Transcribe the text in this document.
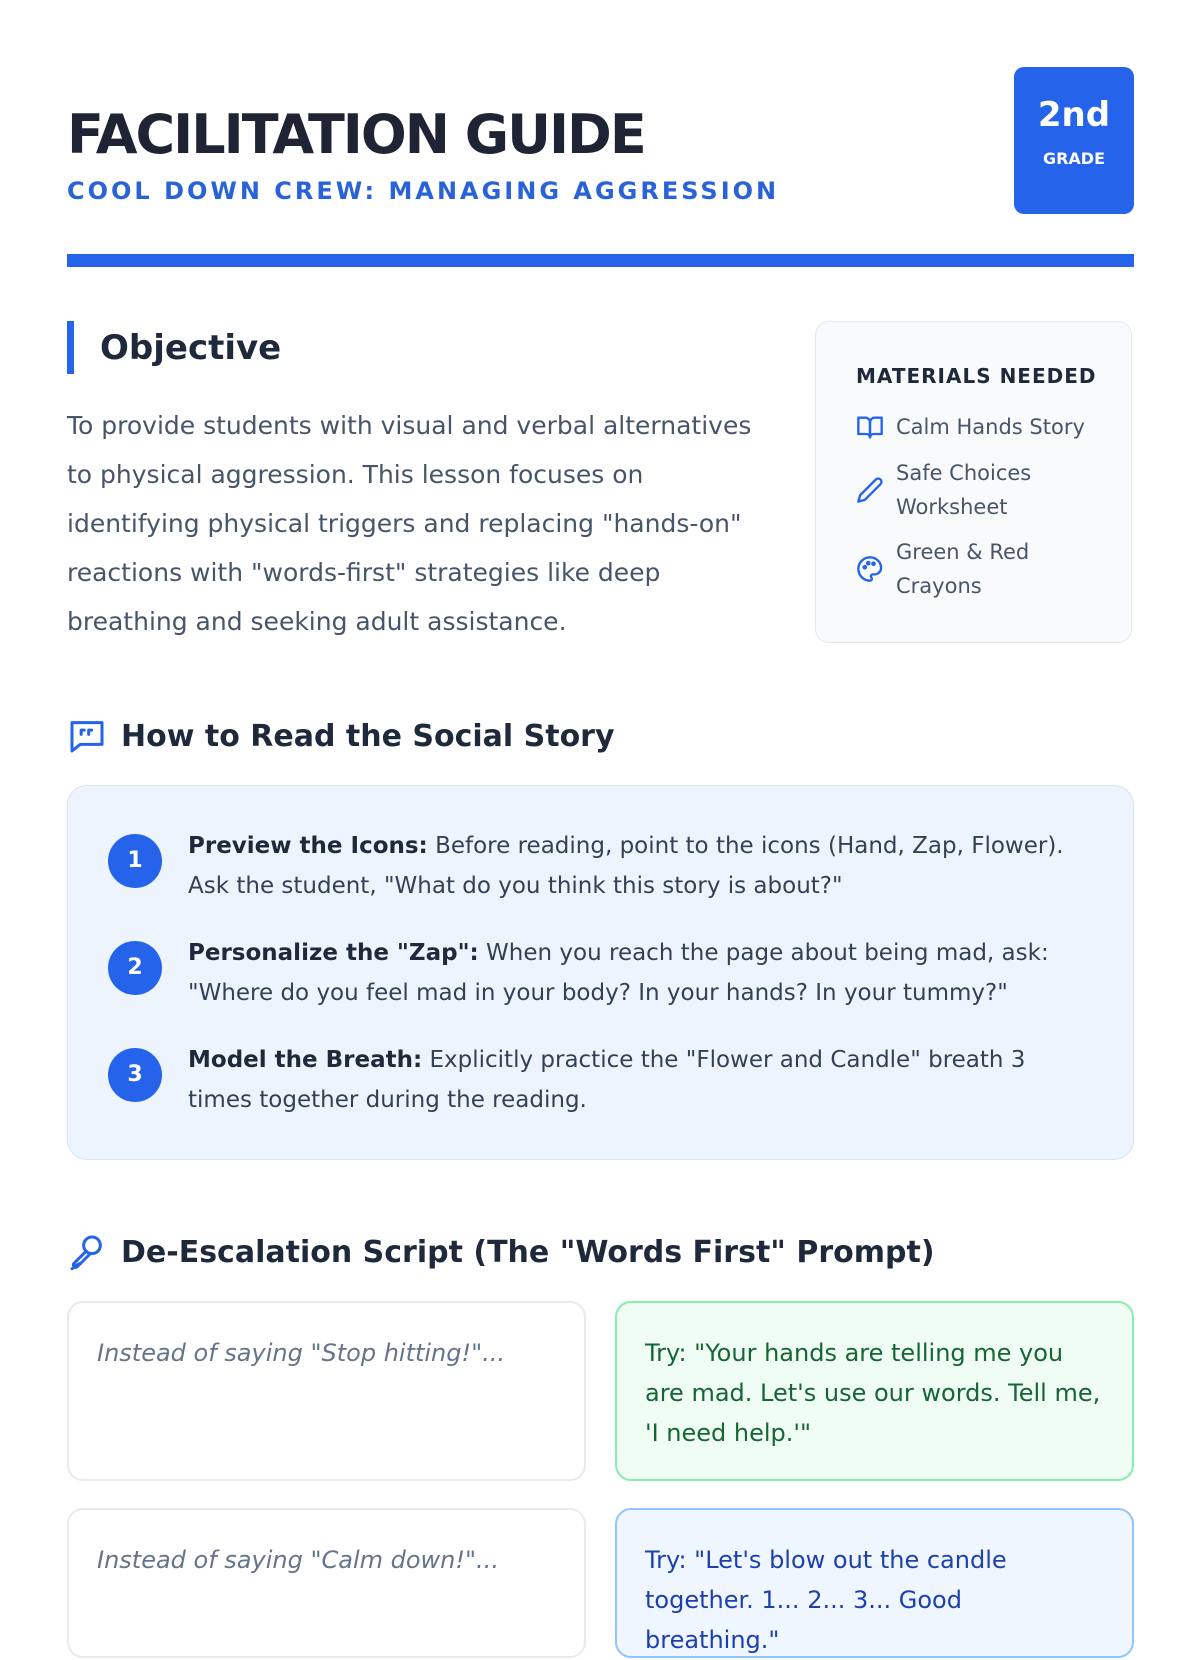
FACILITATION GUIDE
COOL DOWN CREW: MANAGING AGGRESSION
2nd
GRADE
Objective

To provide students with visual and verbal alternatives to physical aggression. This lesson focuses on identifying physical triggers and replacing "hands-on" reactions with "words-first" strategies like deep breathing and seeking adult assistance.

MATERIALS NEEDED
Calm Hands Story
Safe Choices Worksheet
Green & Red Crayons
How to Read the Social Story
1

Preview the Icons: Before reading, point to the icons (Hand, Zap, Flower). Ask the student, "What do you think this story is about?"

2

Personalize the "Zap": When you reach the page about being mad, ask: "Where do you feel mad in your body? In your hands? In your tummy?"

3

Model the Breath: Explicitly practice the "Flower and Candle" breath 3 times together during the reading.

De-Escalation Script (The "Words First" Prompt)
Instead of saying "Stop hitting!"...	Try: "Your hands are telling me you are mad. Let's use our words. Tell me, 'I need help.'"
Instead of saying "Calm down!"...	Try: "Let's blow out the candle together. 1... 2... 3... Good breathing."
